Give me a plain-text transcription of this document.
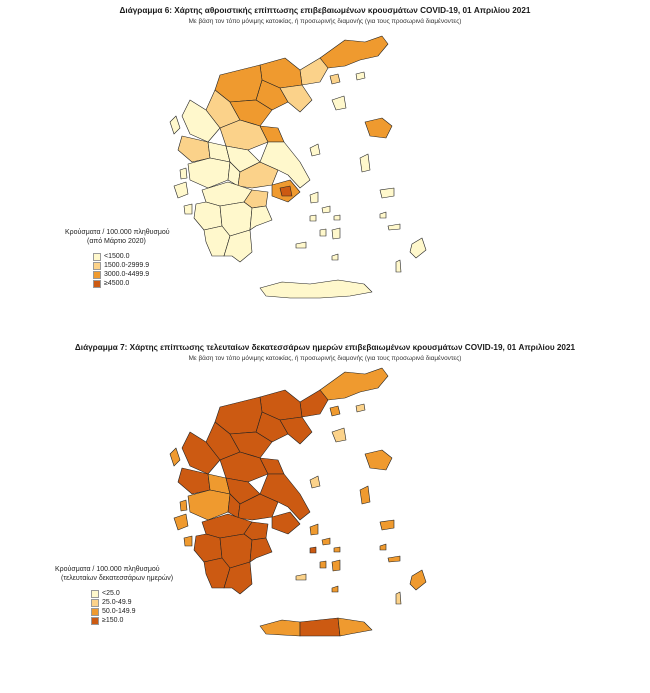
Διάγραμμα 6: Χάρτης αθροιστικής επίπτωσης επιβεβαιωμένων κρουσμάτων COVID-19, 01 Απριλίου 2021
Με βάση τον τόπο μόνιμης κατοικίας, ή προσωρινής διαμονής (για τους προσωρινά διαμένοντες)
Κρούσματα / 100.000 πληθυσμού
(από Μάρτιο 2020)
<1500.0
1500.0-2999.9
3000.0-4499.9
≥4500.0
Διάγραμμα 7: Χάρτης επίπτωσης τελευταίων δεκατεσσάρων ημερών επιβεβαιωμένων κρουσμάτων COVID-19, 01 Απριλίου 2021
Με βάση τον τόπο μόνιμης κατοικίας, ή προσωρινής διαμονής (για τους προσωρινά διαμένοντες)
Κρούσματα / 100.000 πληθυσμού
(τελευταίων δεκατεσσάρων ημερών)
<25.0
25.0-49.9
50.0-149.9
≥150.0
